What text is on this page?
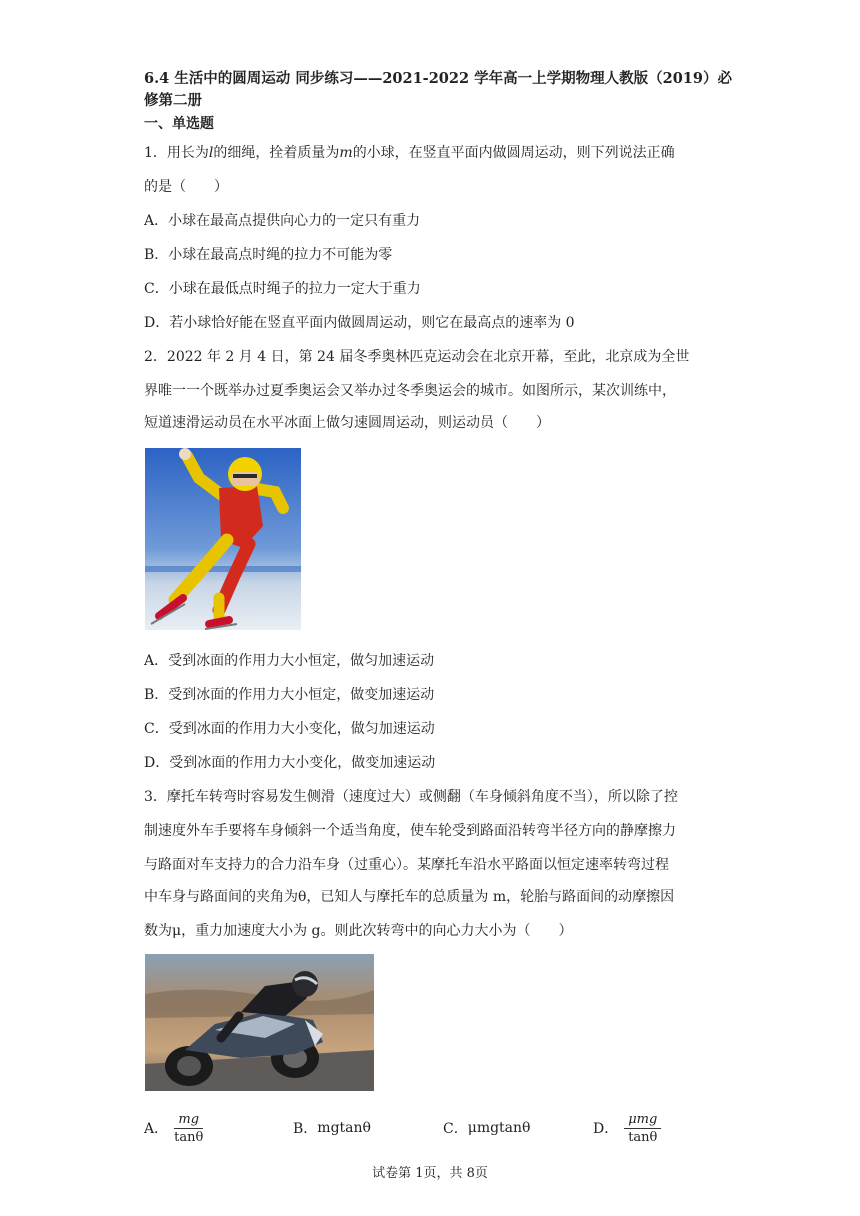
6.4 生活中的圆周运动 同步练习——2021-2022 学年高一上学期物理人教版（2019）必
修第二册
一、单选题
1．用长为l的细绳，拴着质量为m的小球，在竖直平面内做圆周运动，则下列说法正确
的是（　　）
A．小球在最高点提供向心力的一定只有重力
B．小球在最高点时绳的拉力不可能为零
C．小球在最低点时绳子的拉力一定大于重力
D．若小球恰好能在竖直平面内做圆周运动，则它在最高点的速率为 0
2．2022 年 2 月 4 日，第 24 届冬季奥林匹克运动会在北京开幕，至此，北京成为全世
界唯一一个既举办过夏季奥运会又举办过冬季奥运会的城市。如图所示，某次训练中，
短道速滑运动员在水平冰面上做匀速圆周运动，则运动员（　　）
A．受到冰面的作用力大小恒定，做匀加速运动
B．受到冰面的作用力大小恒定，做变加速运动
C．受到冰面的作用力大小变化，做匀加速运动
D．受到冰面的作用力大小变化，做变加速运动
3．摩托车转弯时容易发生侧滑（速度过大）或侧翻（车身倾斜角度不当），所以除了控
制速度外车手要将车身倾斜一个适当角度，使车轮受到路面沿转弯半径方向的静摩擦力
与路面对车支持力的合力沿车身（过重心）。某摩托车沿水平路面以恒定速率转弯过程
中车身与路面间的夹角为θ，已知人与摩托车的总质量为 m，轮胎与路面间的动摩擦因
数为μ，重力加速度大小为 g。则此次转弯中的向心力大小为（　　）
A． $\frac{mg}{\tan\theta}$	B． mgtanθ	C． μmgtanθ	D． $\frac{\text{μmg}}{\tan\theta}$
试卷第 1页，共 8页
